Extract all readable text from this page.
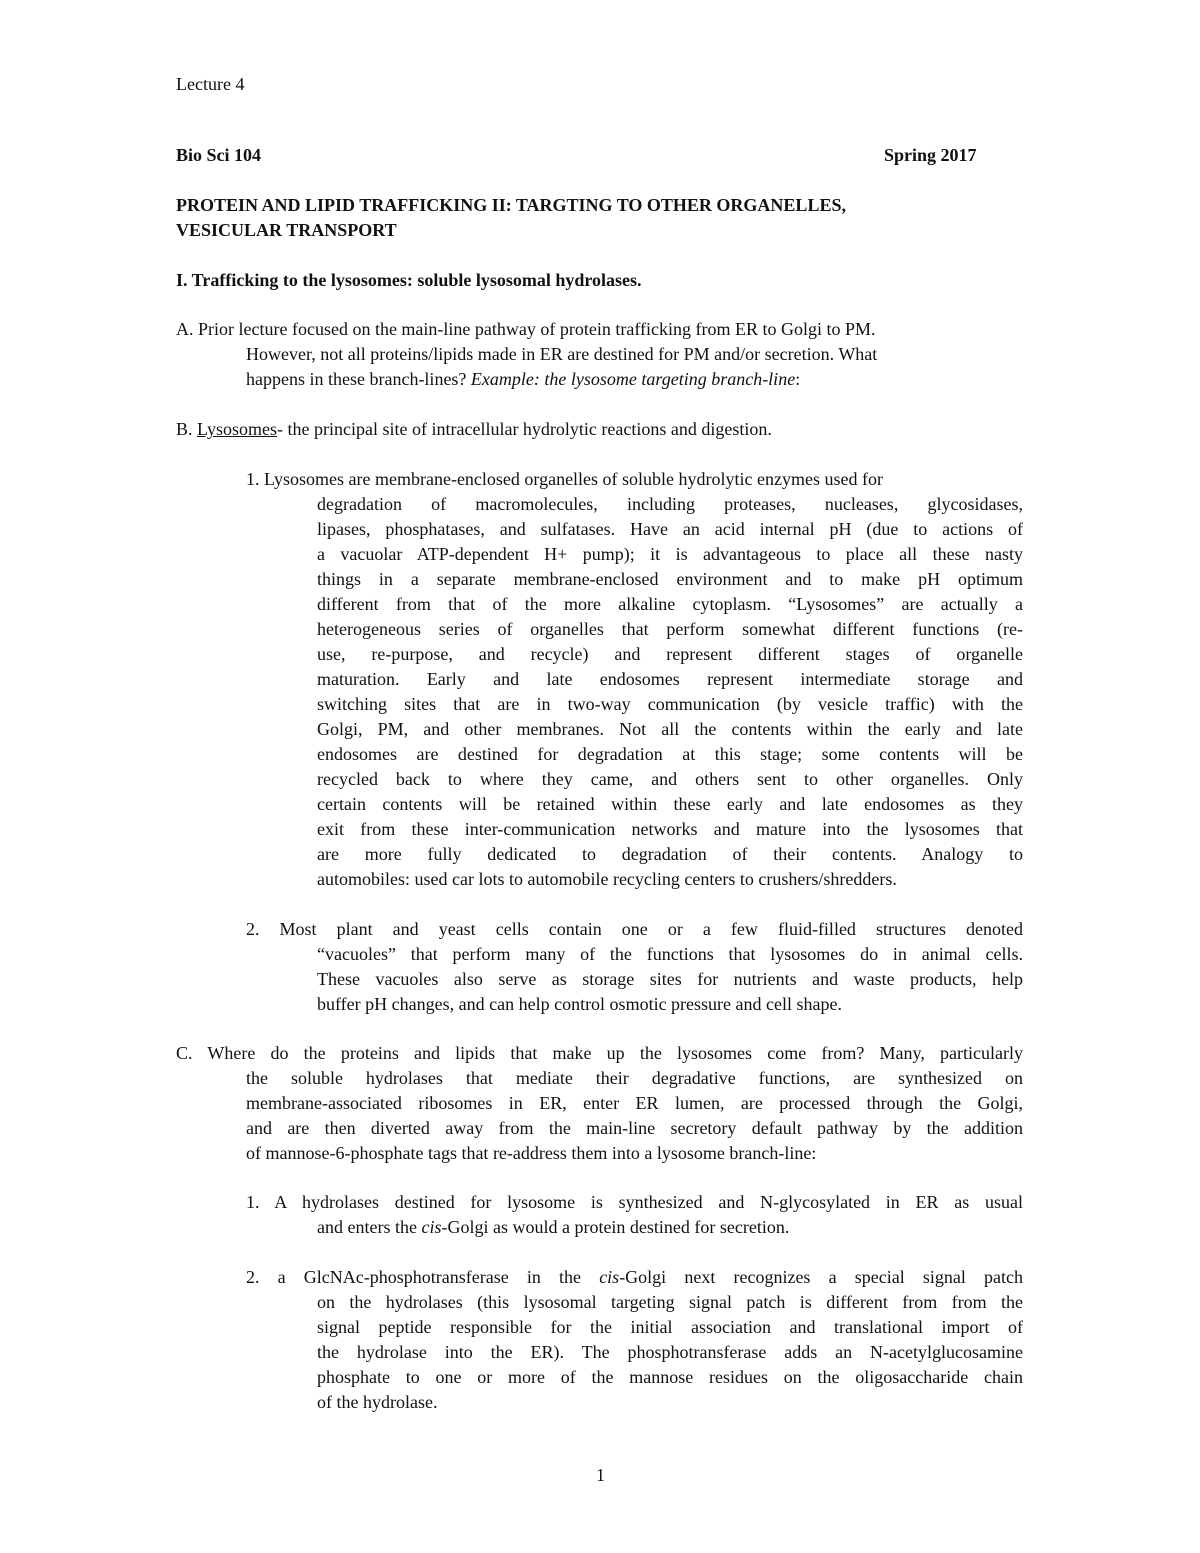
Lecture 4
Bio Sci 104	Spring 2017
PROTEIN AND LIPID TRAFFICKING II: TARGTING TO OTHER ORGANELLES,
VESICULAR TRANSPORT
I. Trafficking to the lysosomes: soluble lysosomal hydrolases.
A. Prior lecture focused on the main-line pathway of protein trafficking from ER to Golgi to PM.
However, not all proteins/lipids made in ER are destined for PM and/or secretion. What
happens in these branch-lines? Example: the lysosome targeting branch-line:
B. Lysosomes- the principal site of intracellular hydrolytic reactions and digestion.
1. Lysosomes are membrane-enclosed organelles of soluble hydrolytic enzymes used for
degradation of macromolecules, including proteases, nucleases, glycosidases,
lipases, phosphatases, and sulfatases. Have an acid internal pH (due to actions of
a vacuolar ATP-dependent H+ pump); it is advantageous to place all these nasty
things in a separate membrane-enclosed environment and to make pH optimum
different from that of the more alkaline cytoplasm. “Lysosomes” are actually a
heterogeneous series of organelles that perform somewhat different functions (re-
use, re-purpose, and recycle) and represent different stages of organelle
maturation. Early and late endosomes represent intermediate storage and
switching sites that are in two-way communication (by vesicle traffic) with the
Golgi, PM, and other membranes. Not all the contents within the early and late
endosomes are destined for degradation at this stage; some contents will be
recycled back to where they came, and others sent to other organelles. Only
certain contents will be retained within these early and late endosomes as they
exit from these inter-communication networks and mature into the lysosomes that
are more fully dedicated to degradation of their contents. Analogy to
automobiles: used car lots to automobile recycling centers to crushers/shredders.
2. Most plant and yeast cells contain one or a few fluid-filled structures denoted
“vacuoles” that perform many of the functions that lysosomes do in animal cells.
These vacuoles also serve as storage sites for nutrients and waste products, help
buffer pH changes, and can help control osmotic pressure and cell shape.
C. Where do the proteins and lipids that make up the lysosomes come from? Many, particularly
the soluble hydrolases that mediate their degradative functions, are synthesized on
membrane-associated ribosomes in ER, enter ER lumen, are processed through the Golgi,
and are then diverted away from the main-line secretory default pathway by the addition
of mannose-6-phosphate tags that re-address them into a lysosome branch-line:
1. A hydrolases destined for lysosome is synthesized and N-glycosylated in ER as usual
and enters the cis-Golgi as would a protein destined for secretion.
2. a GlcNAc-phosphotransferase in the cis-Golgi next recognizes a special signal patch
on the hydrolases (this lysosomal targeting signal patch is different from from the
signal peptide responsible for the initial association and translational import of
the hydrolase into the ER). The phosphotransferase adds an N-acetylglucosamine
phosphate to one or more of the mannose residues on the oligosaccharide chain
of the hydrolase.
1
